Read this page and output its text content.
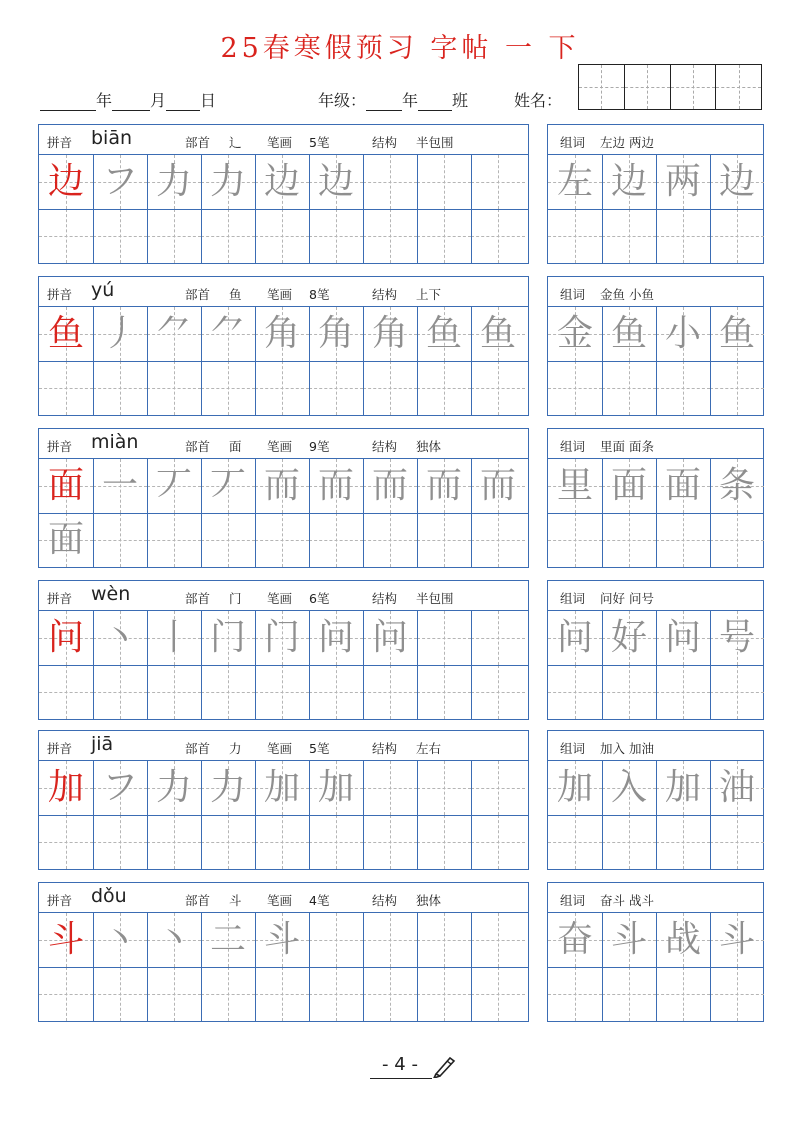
25春寒假预习 字帖 一 下
年 月 日	年级： 年 班	姓名：
拼音 biān	部首 辶 笔画 5笔	结构 半包围
边 フ 力 力 边 边
组词 左边 两边
左 边 两 边
拼音 yú	部首 鱼 笔画 8笔	结构 上下
鱼 丿 ⺈ ⺈ 角 角 角 鱼 鱼
组词 金鱼 小鱼
金 鱼 小 鱼
拼音 miàn	部首 面 笔画 9笔	结构 独体
面 一 丆 丆 而 而 而 而 而
面
组词 里面 面条
里 面 面 条
拼音 wèn	部首 门 笔画 6笔	结构 半包围
问 丶 丨 门 门 问 问
组词 问好 问号
问 好 问 号
拼音 jiā	部首 力 笔画 5笔	结构 左右
加 フ 力 力 加 加
组词 加入 加油
加 入 加 油
拼音 dǒu	部首 斗 笔画 4笔	结构 独体
斗 丶 丶 二 斗
组词 奋斗 战斗
奋 斗 战 斗
- 4 -
